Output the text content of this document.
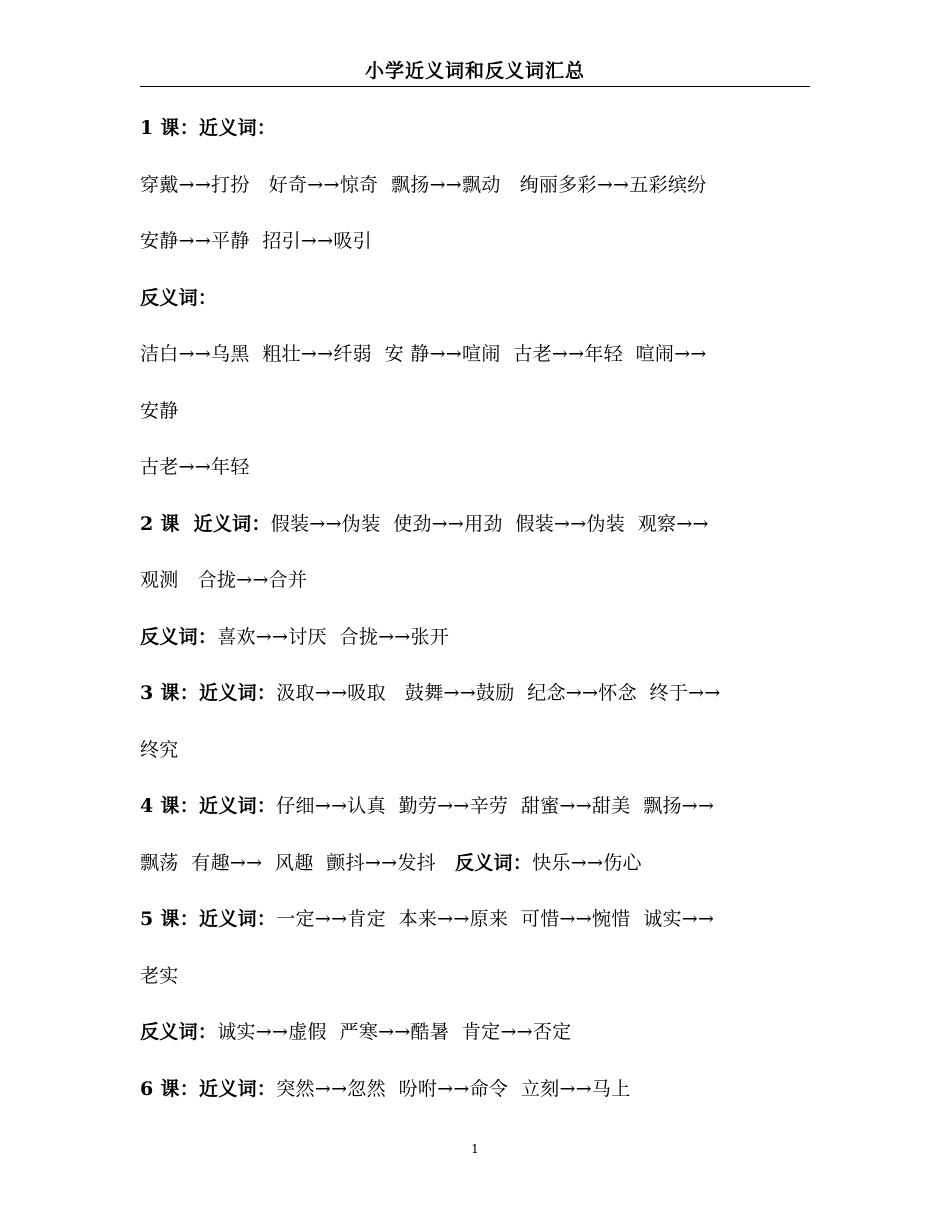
小学近义词和反义词汇总
1 课：近义词：
穿戴→→打扮   好奇→→惊奇  飘扬→→飘动   绚丽多彩→→五彩缤纷
安静→→平静  招引→→吸引
反义词：
洁白→→乌黑  粗壮→→纤弱  安 静→→喧闹  古老→→年轻  喧闹→→
安静
古老→→年轻
2 课  近义词：假装→→伪装  使劲→→用劲  假装→→伪装  观察→→
观测   合拢→→合并
反义词：喜欢→→讨厌  合拢→→张开
3 课：近义词：汲取→→吸取   鼓舞→→鼓励  纪念→→怀念  终于→→
终究
4 课：近义词：仔细→→认真  勤劳→→辛劳  甜蜜→→甜美  飘扬→→
飘荡  有趣→→  风趣  颤抖→→发抖   反义词：快乐→→伤心
5 课：近义词：一定→→肯定  本来→→原来  可惜→→惋惜  诚实→→
老实
反义词：诚实→→虚假  严寒→→酷暑  肯定→→否定
6 课：近义词：突然→→忽然  吩咐→→命令  立刻→→马上
1
